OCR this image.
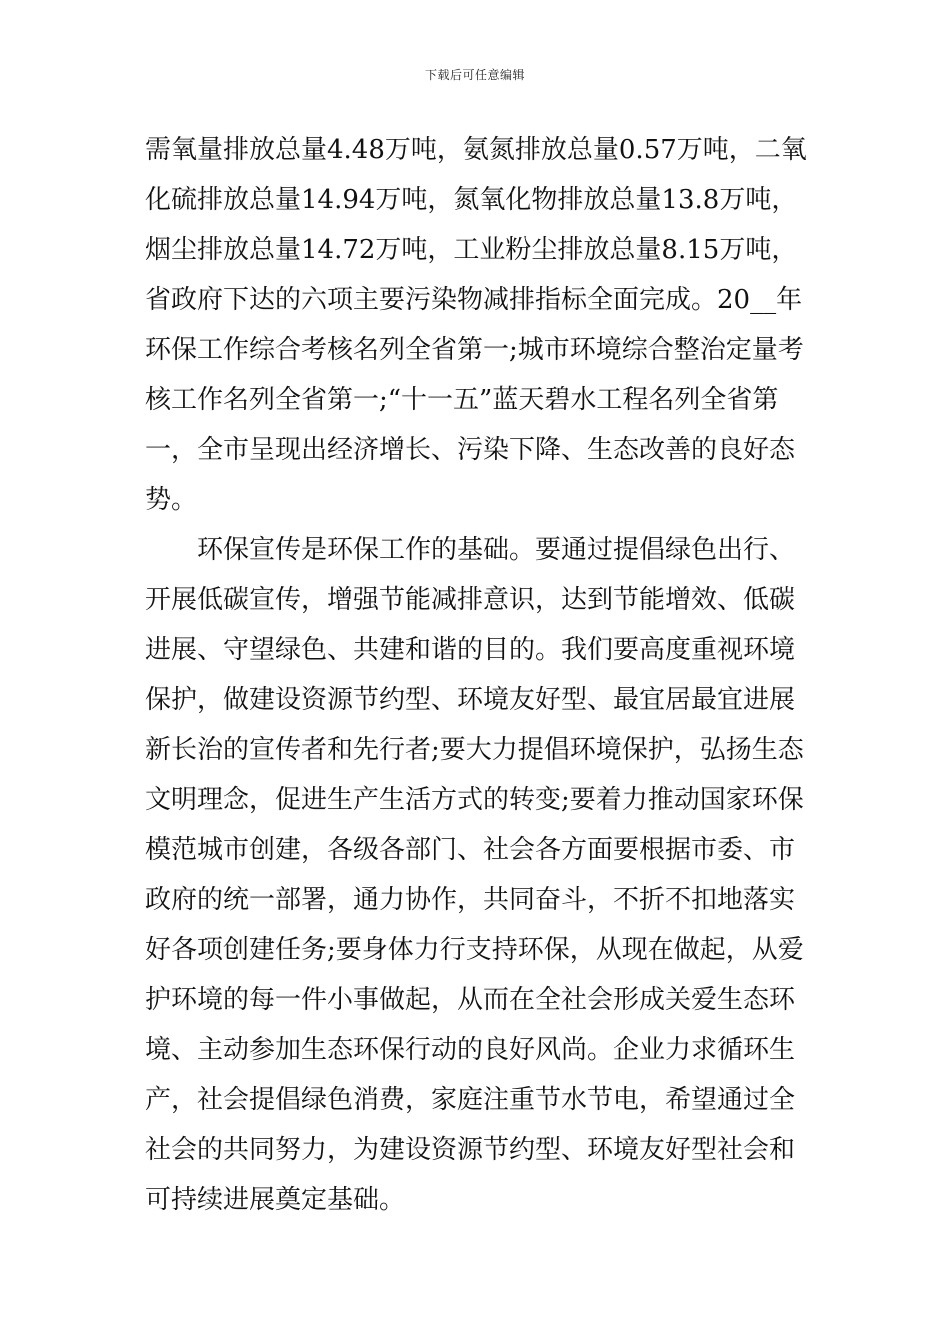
下载后可任意编辑
需氧量排放总量4.48万吨，氨氮排放总量0.57万吨，二氧
化硫排放总量14.94万吨，氮氧化物排放总量13.8万吨，
烟尘排放总量14.72万吨，工业粉尘排放总量8.15万吨，
省政府下达的六项主要污染物减排指标全面完成。20__年
环保工作综合考核名列全省第一;城市环境综合整治定量考
核工作名列全省第一;“十一五”蓝天碧水工程名列全省第
一，全市呈现出经济增长、污染下降、生态改善的良好态
势。
环保宣传是环保工作的基础。要通过提倡绿色出行、
开展低碳宣传，增强节能减排意识，达到节能增效、低碳
进展、守望绿色、共建和谐的目的。我们要高度重视环境
保护，做建设资源节约型、环境友好型、最宜居最宜进展
新长治的宣传者和先行者;要大力提倡环境保护，弘扬生态
文明理念，促进生产生活方式的转变;要着力推动国家环保
模范城市创建，各级各部门、社会各方面要根据市委、市
政府的统一部署，通力协作，共同奋斗，不折不扣地落实
好各项创建任务;要身体力行支持环保，从现在做起，从爱
护环境的每一件小事做起，从而在全社会形成关爱生态环
境、主动参加生态环保行动的良好风尚。企业力求循环生
产，社会提倡绿色消费，家庭注重节水节电，希望通过全
社会的共同努力，为建设资源节约型、环境友好型社会和
可持续进展奠定基础。
